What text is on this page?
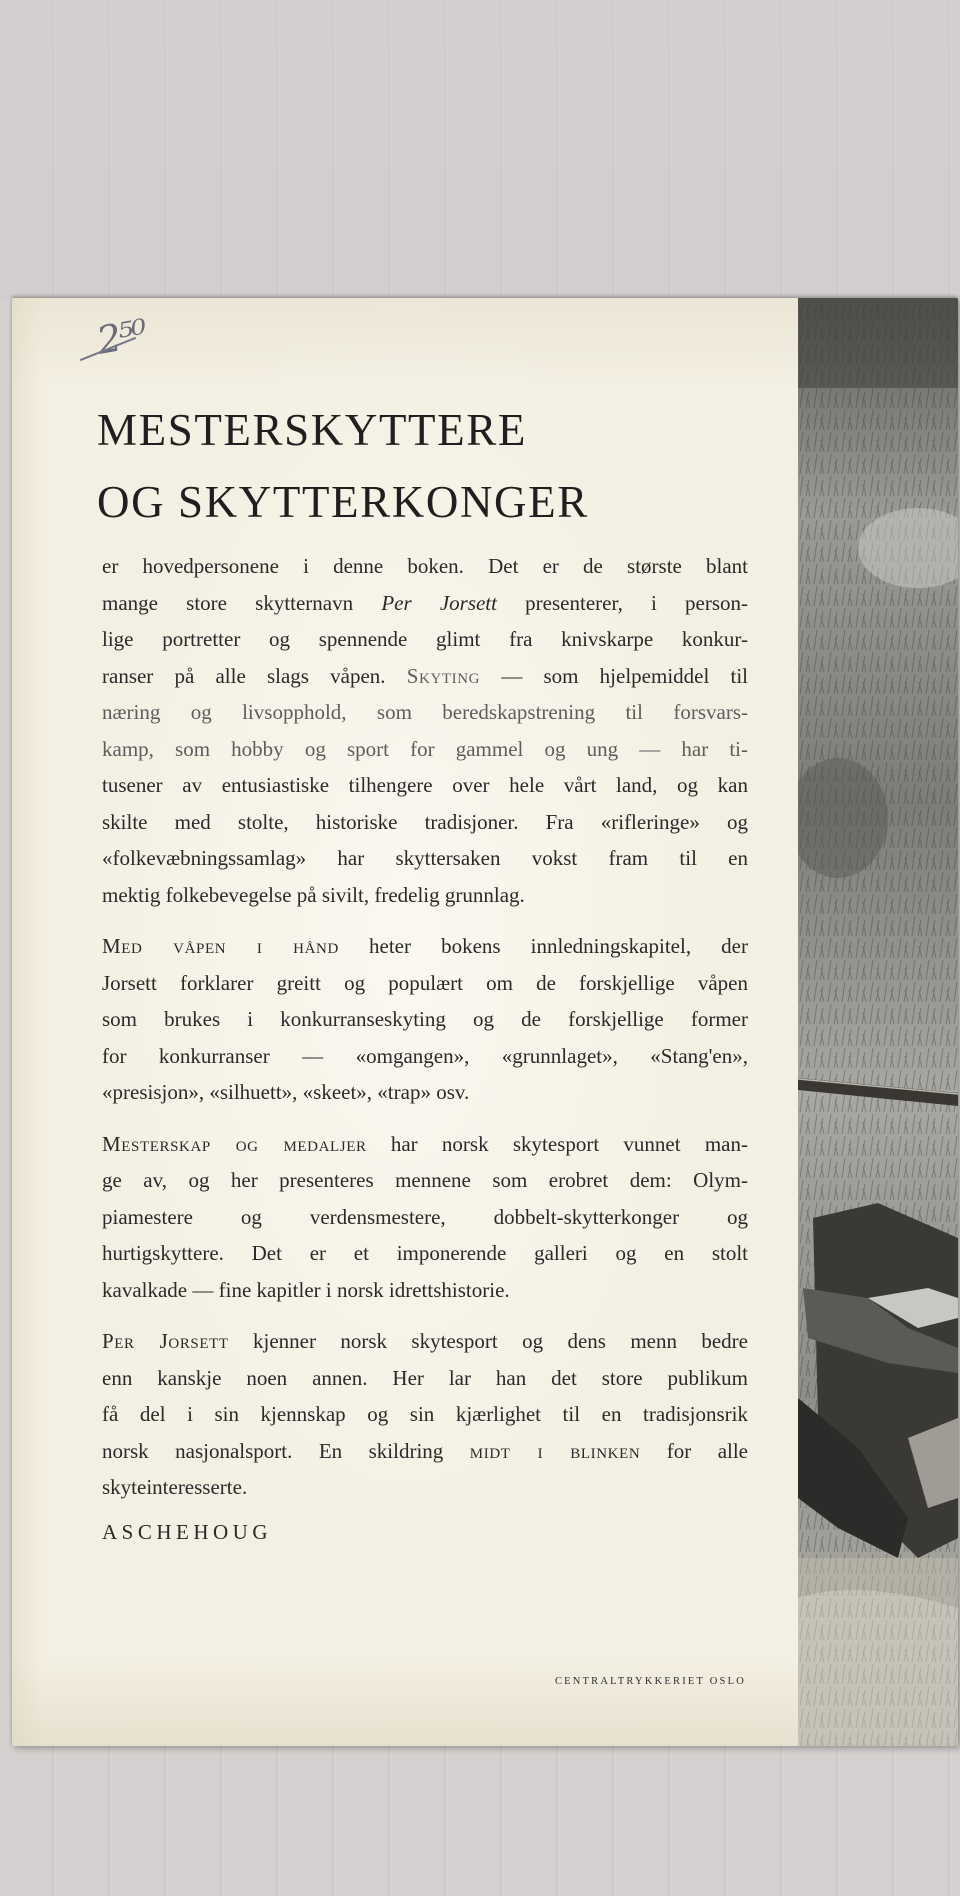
2⁵⁰
MESTERSKYTTERE
OG SKYTTERKONGER

er hovedpersonene i denne boken. Det er de største blant
mange store skytternavn Per Jorsett presenterer, i person-
lige portretter og spennende glimt fra knivskarpe konkur-
ranser på alle slags våpen. Skyting — som hjelpemiddel til
næring og livsopphold, som beredskapstrening til forsvars-
kamp, som hobby og sport for gammel og ung — har ti-
tusener av entusiastiske tilhengere over hele vårt land, og kan
skilte med stolte, historiske tradisjoner. Fra «rifleringe» og
«folkevæbningssamlag» har skyttersaken vokst fram til en
mektig folkebevegelse på sivilt, fredelig grunnlag.

Med våpen i hånd heter bokens innledningskapitel, der
Jorsett forklarer greitt og populært om de forskjellige våpen
som brukes i konkurranseskyting og de forskjellige former
for konkurranser — «omgangen», «grunnlaget», «Stang'en»,
«presisjon», «silhuett», «skeet», «trap» osv.

Mesterskap og medaljer har norsk skytesport vunnet man-
ge av, og her presenteres mennene som erobret dem: Olym-
piamestere og verdensmestere, dobbelt-skytterkonger og
hurtigskyttere. Det er et imponerende galleri og en stolt
kavalkade — fine kapitler i norsk idrettshistorie.

Per Jorsett kjenner norsk skytesport og dens menn bedre
enn kanskje noen annen. Her lar han det store publikum
få del i sin kjennskap og sin kjærlighet til en tradisjonsrik
norsk nasjonalsport. En skildring midt i blinken for alle
skyteinteresserte.

ASCHEHOUG
CENTRALTRYKKERIET OSLO
